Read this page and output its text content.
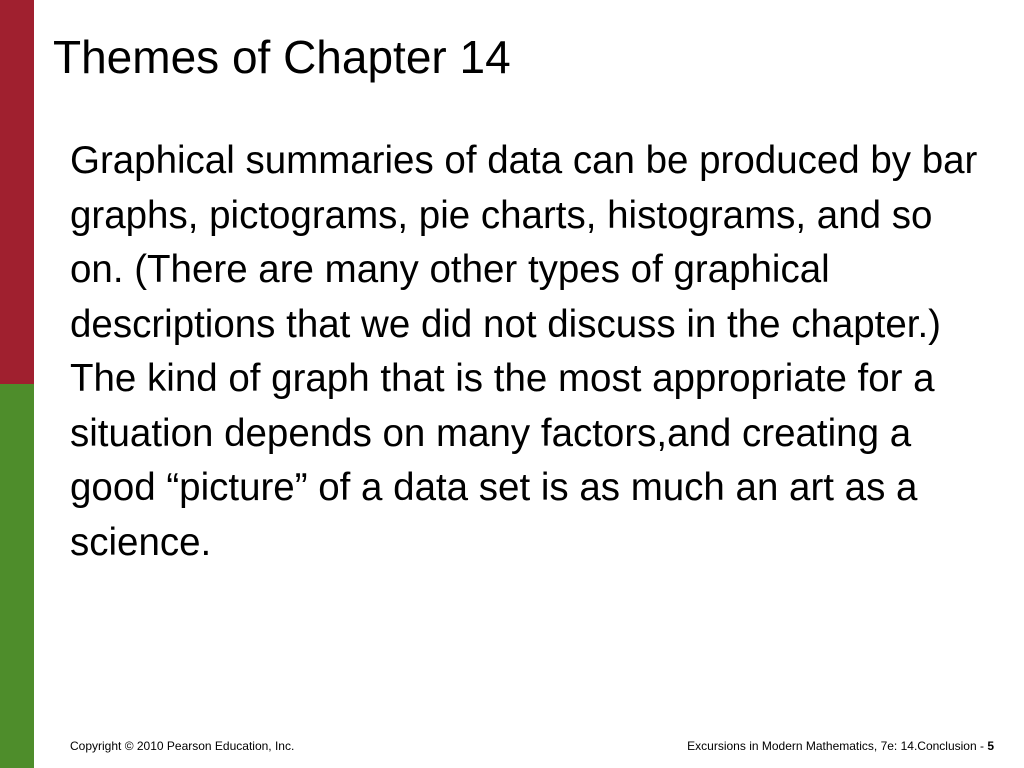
Themes of Chapter 14

Graphical summaries of data can be produced by bar graphs, pictograms, pie charts, histograms, and so on. (There are many other types of graphical descriptions that we did not discuss in the chapter.) The kind of graph that is the most appropriate for a situation depends on many factors,and creating a good “picture” of a data set is as much an art as a science.

Copyright © 2010 Pearson Education, Inc.	Excursions in Modern Mathematics, 7e: 14.Conclusion - 5
